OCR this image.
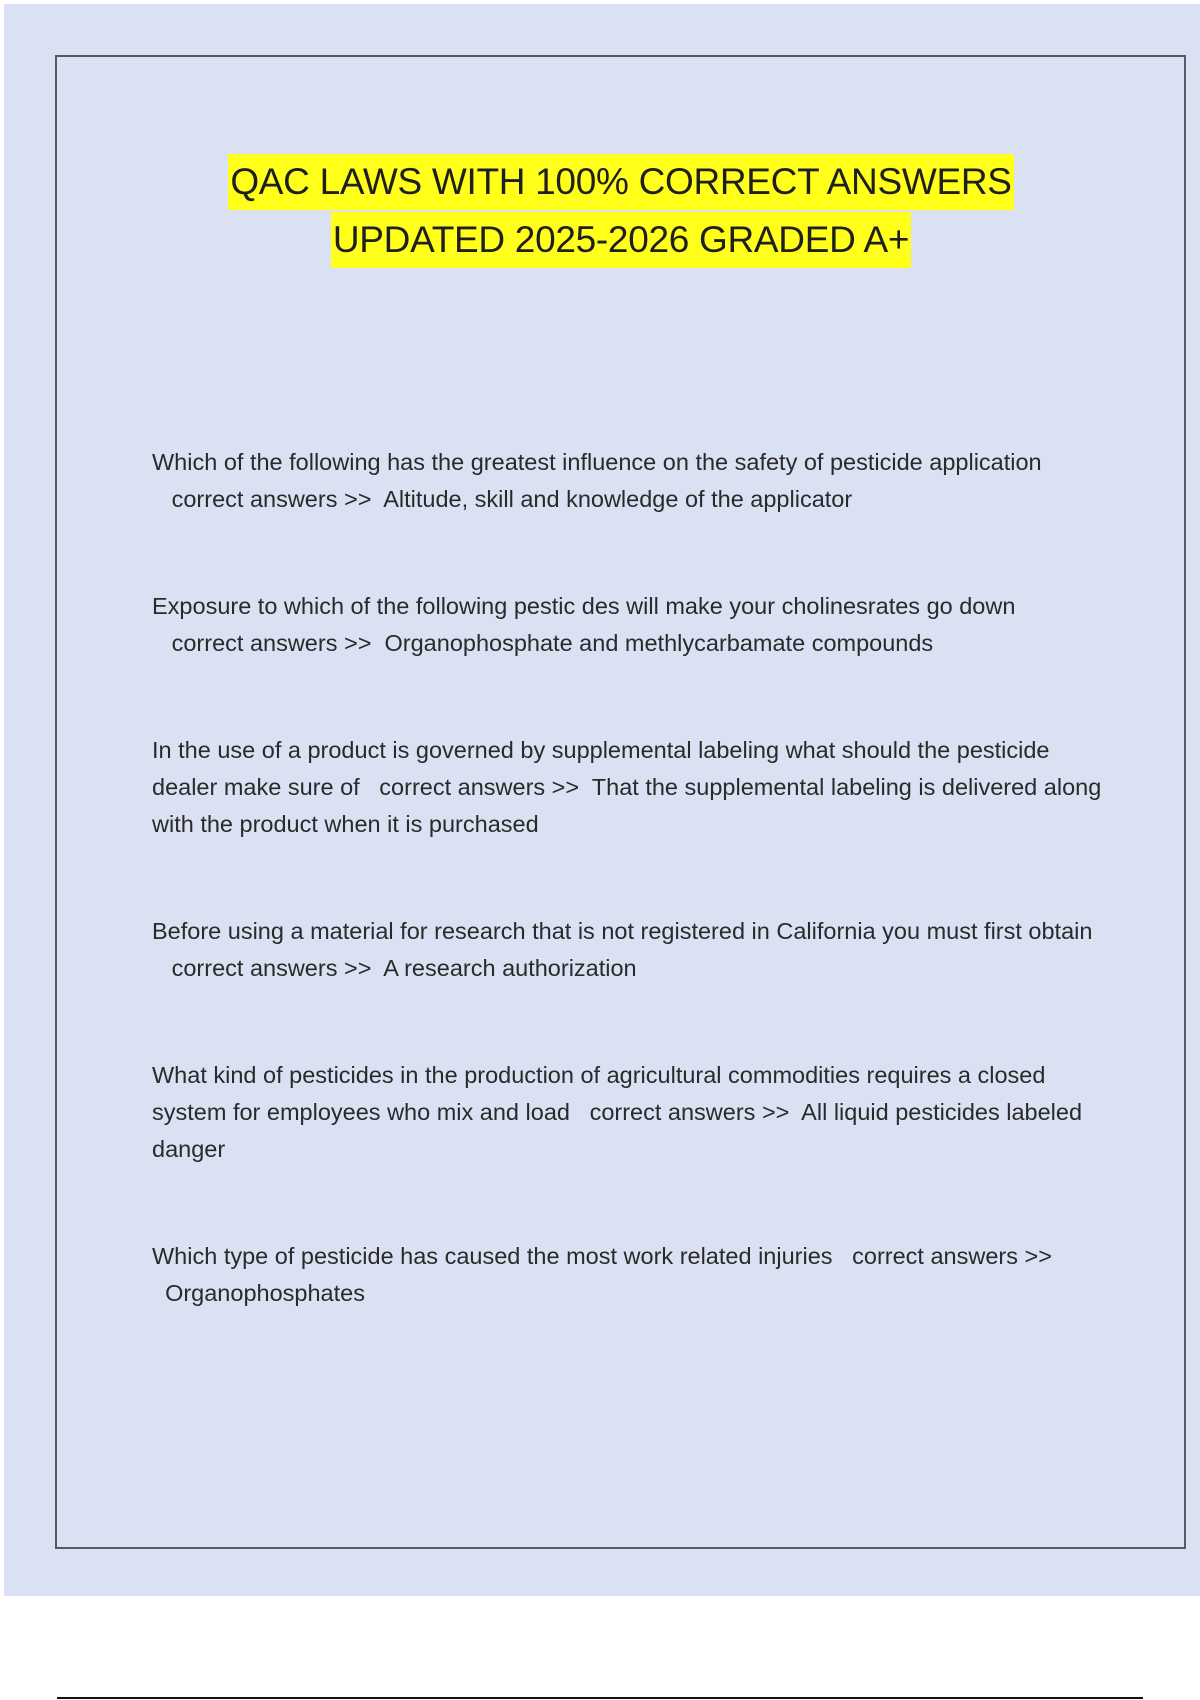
QAC LAWS WITH 100% CORRECT ANSWERS
UPDATED 2025-2026 GRADED A+

Which of the following has the greatest influence on the safety of pesticide application   correct answers >> Altitude, skill and knowledge of the applicator

Exposure to which of the following pestic des will make your cholinesrates go down   correct answers >> Organophosphate and methlycarbamate compounds

In the use of a product is governed by supplemental labeling what should the pesticide dealer make sure of correct answers >> That the supplemental labeling is delivered along with the product when it is purchased

Before using a material for research that is not registered in California you must first obtain   correct answers >> A research authorization

What kind of pesticides in the production of agricultural commodities requires a closed system for employees who mix and load correct answers >> All liquid pesticides labeled danger

Which type of pesticide has caused the most work related injuries correct answers >>  Organophosphates
